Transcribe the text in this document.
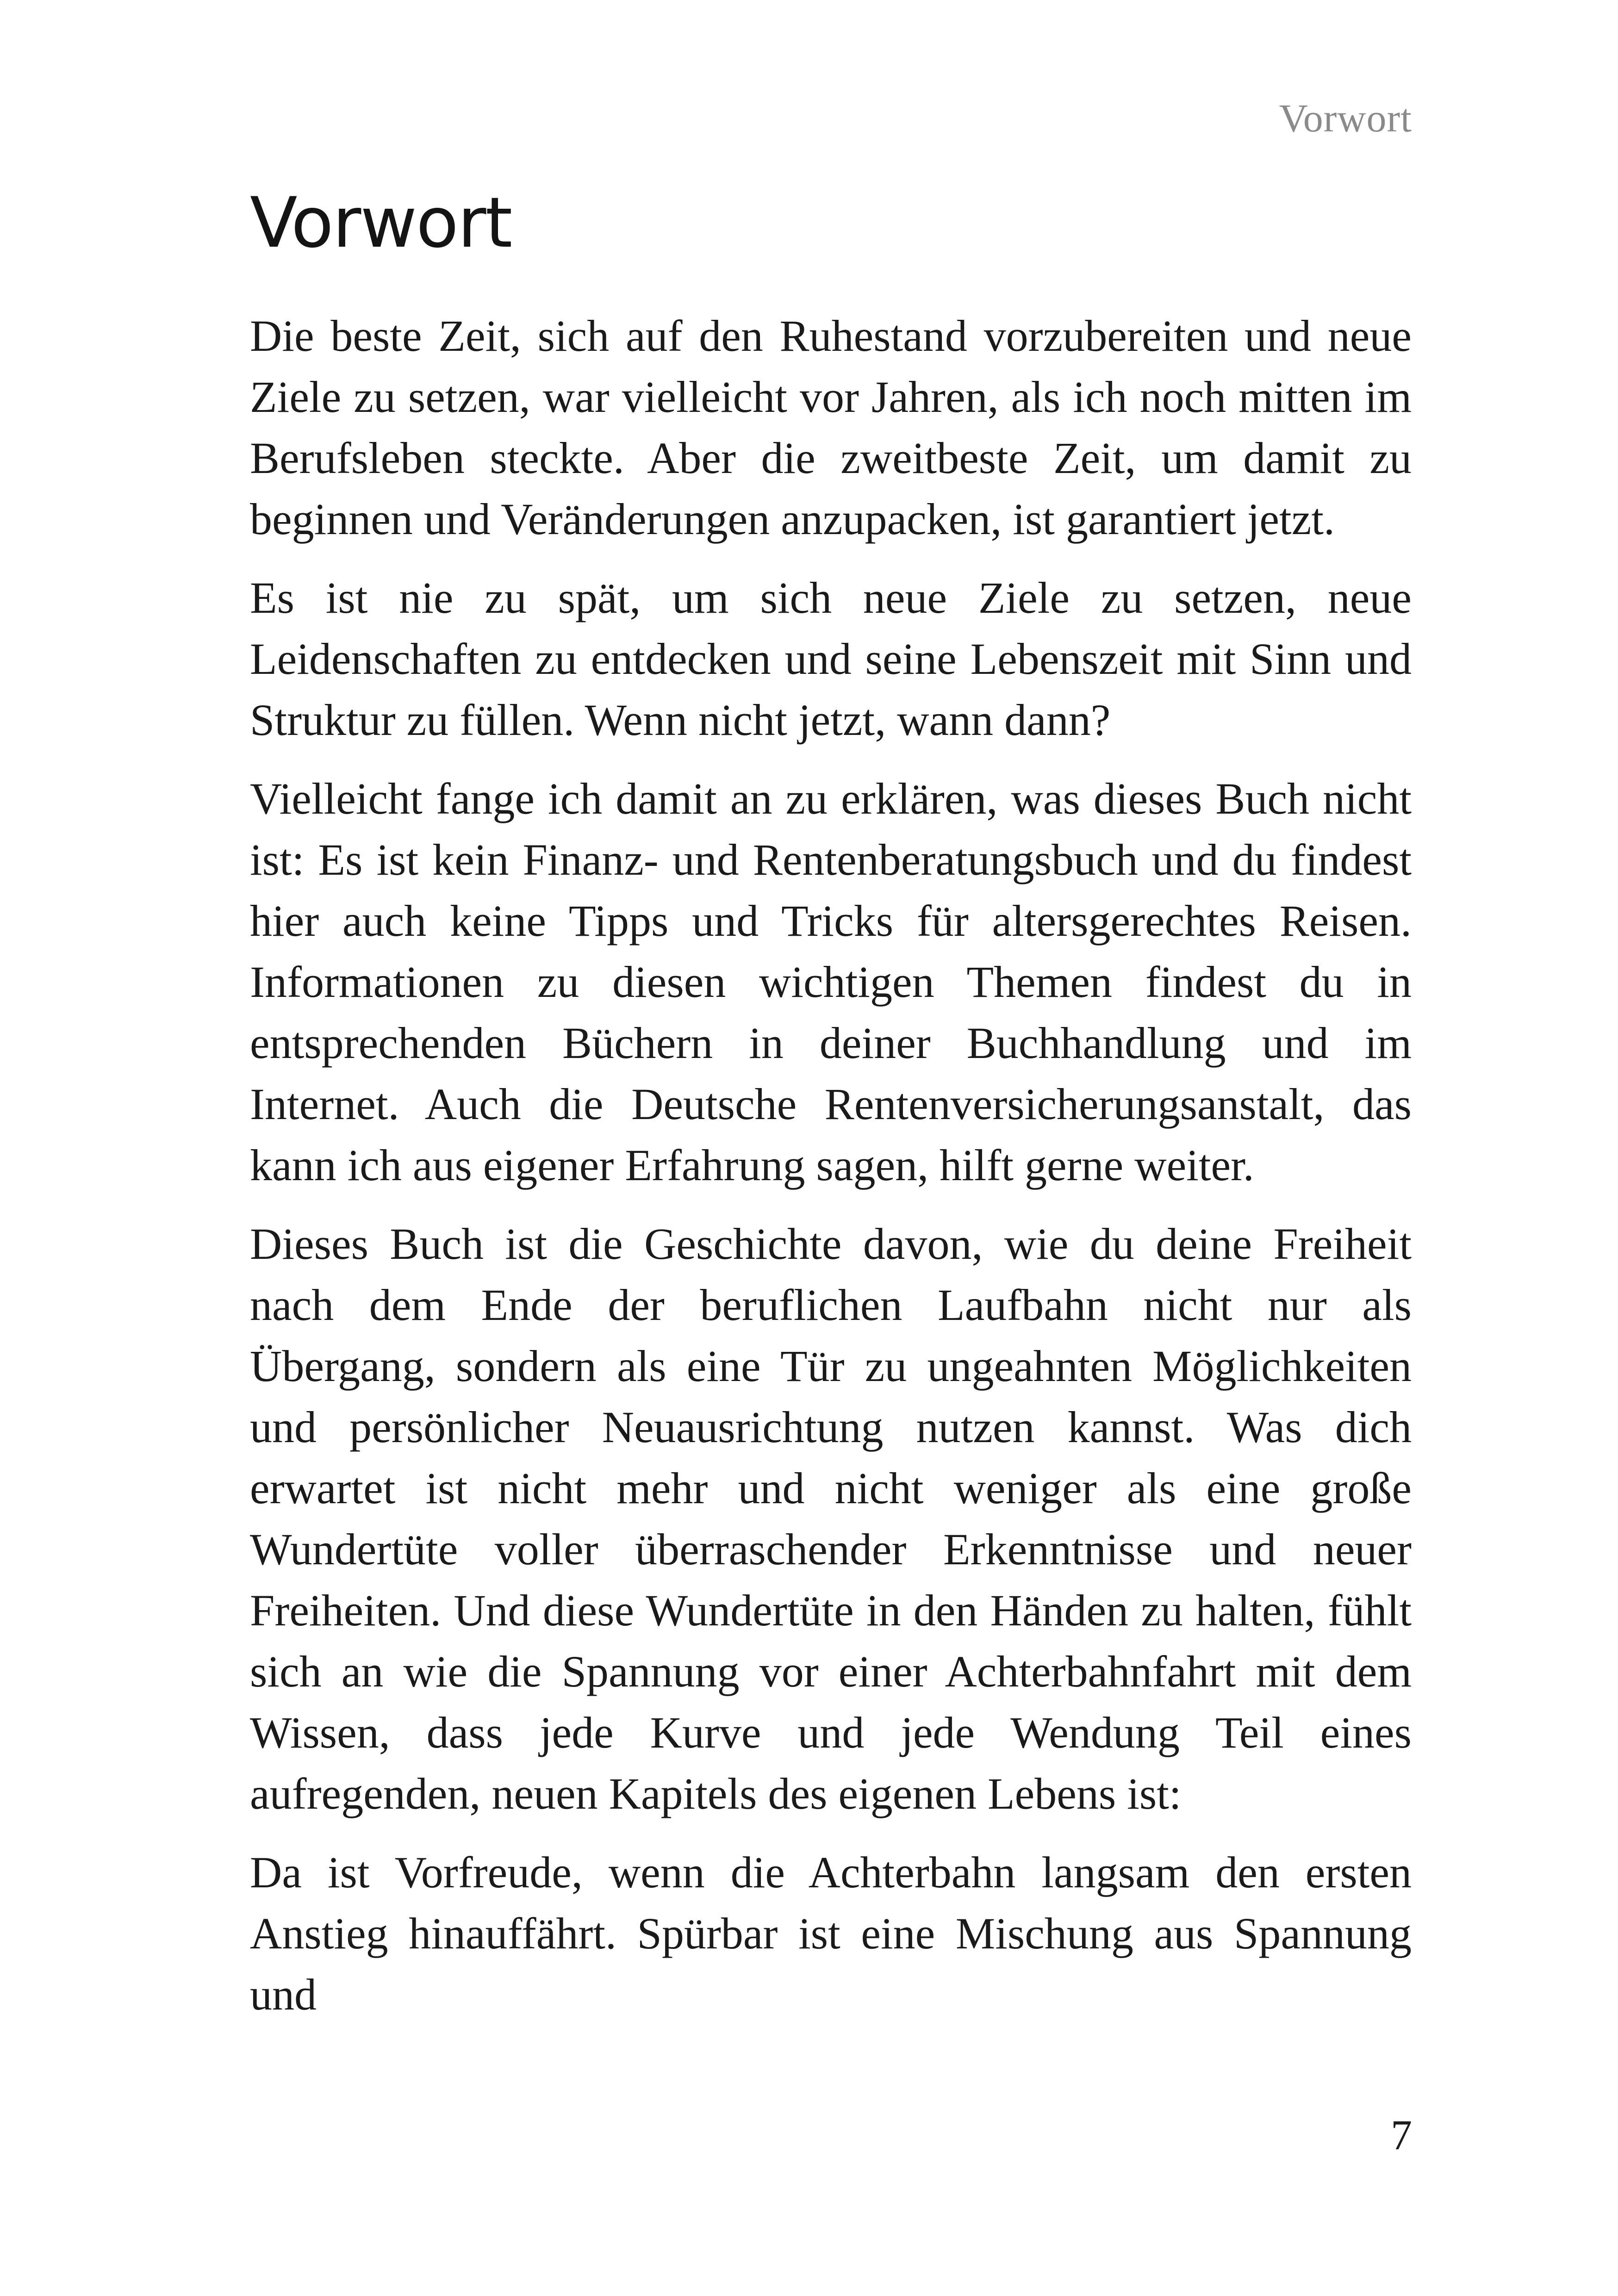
Vorwort
Vorwort

Die beste Zeit, sich auf den Ruhestand vorzubereiten und neue Ziele zu setzen, war vielleicht vor Jahren, als ich noch mitten im Berufsleben steckte. Aber die zweitbeste Zeit, um damit zu beginnen und Veränderungen anzupacken, ist garantiert jetzt.

Es ist nie zu spät, um sich neue Ziele zu setzen, neue Leidenschaften zu entdecken und seine Lebenszeit mit Sinn und Struktur zu füllen. Wenn nicht jetzt, wann dann?

Vielleicht fange ich damit an zu erklären, was dieses Buch nicht ist: Es ist kein Finanz- und Rentenberatungsbuch und du findest hier auch keine Tipps und Tricks für altersgerechtes Reisen. Informationen zu diesen wichtigen Themen findest du in entsprechenden Büchern in deiner Buchhandlung und im Internet. Auch die Deutsche Rentenversicherungsanstalt, das kann ich aus eigener Erfahrung sagen, hilft gerne weiter.

Dieses Buch ist die Geschichte davon, wie du deine Freiheit nach dem Ende der beruflichen Laufbahn nicht nur als Übergang, sondern als eine Tür zu ungeahnten Möglichkeiten und persönlicher Neuausrichtung nutzen kannst. Was dich erwartet ist nicht mehr und nicht weniger als eine große Wundertüte voller überraschender Erkenntnisse und neuer Freiheiten. Und diese Wundertüte in den Händen zu halten, fühlt sich an wie die Spannung vor einer Achterbahnfahrt mit dem Wissen, dass jede Kurve und jede Wendung Teil eines aufregenden, neuen Kapitels des eigenen Lebens ist:

Da ist Vorfreude, wenn die Achterbahn langsam den ersten Anstieg hinauffährt. Spürbar ist eine Mischung aus Spannung und

7
